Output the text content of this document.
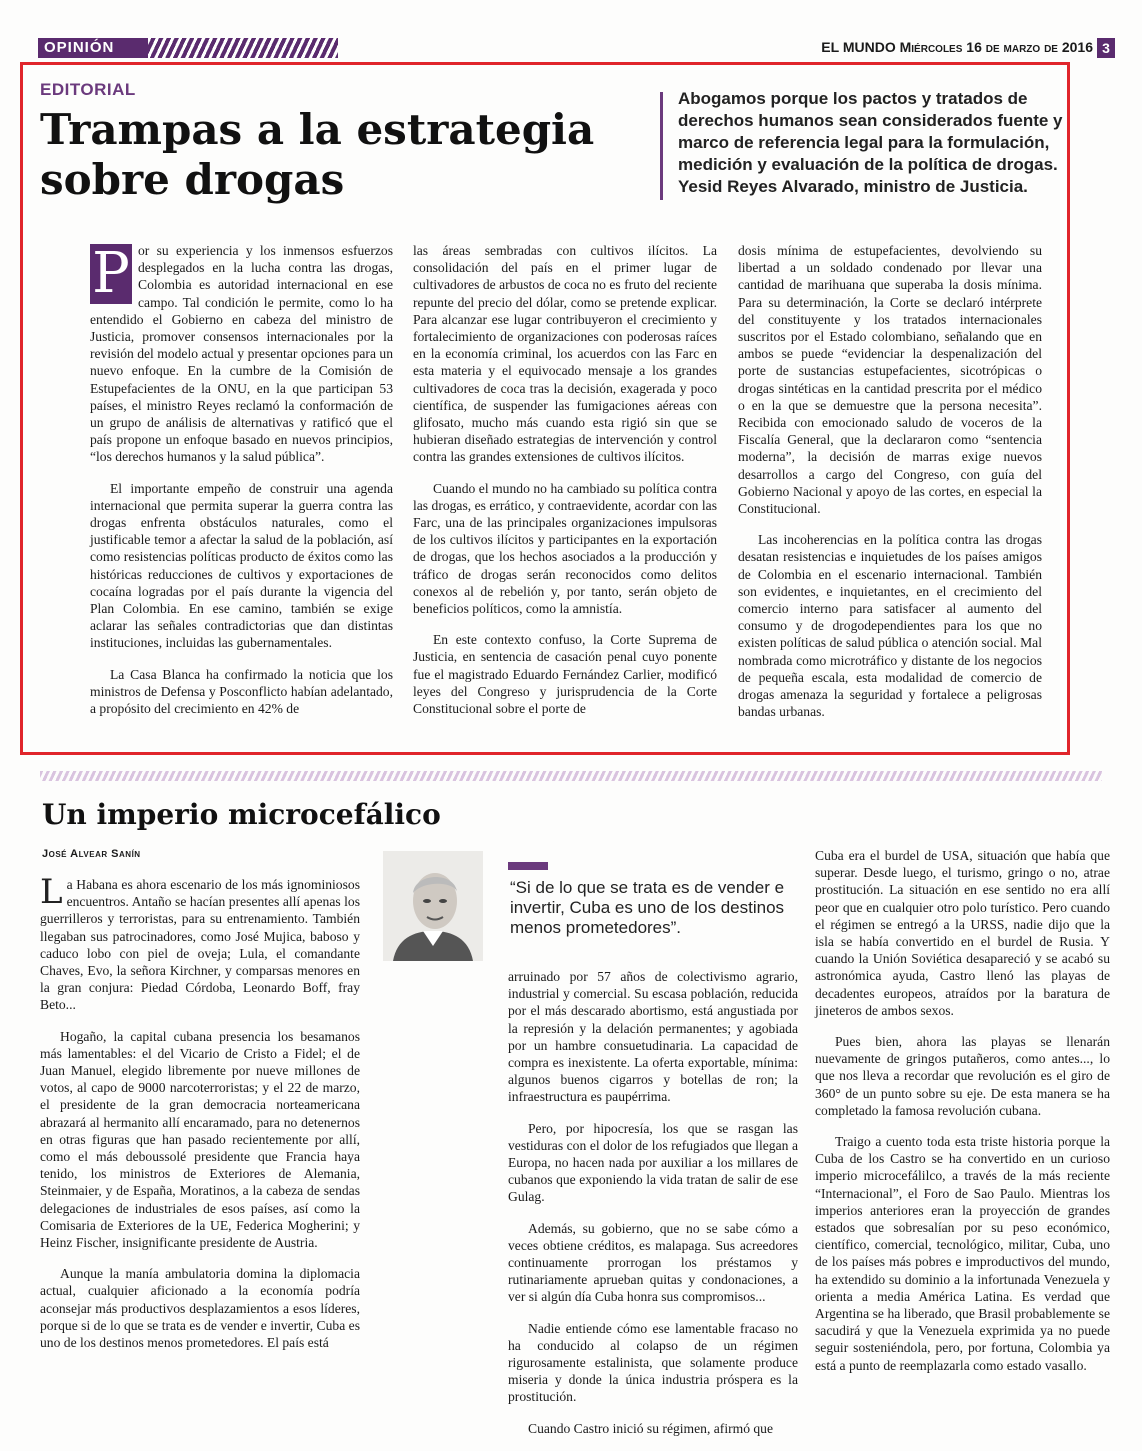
OPINIÓN	EL MUNDO Miércoles 16 de marzo de 2016 3
EDITORIAL
Trampas a la estrategia sobre drogas
Abogamos porque los pactos y tratados de derechos humanos sean considerados fuente y marco de referencia legal para la formulación, medición y evaluación de la política de drogas. Yesid Reyes Alvarado, ministro de Justicia.

P or su experiencia y los inmensos esfuerzos desplegados en la lucha contra las drogas, Colombia es autoridad internacional en ese campo. Tal condición le permite, como lo ha entendido el Gobierno en cabeza del ministro de Justicia, promover consensos internacionales por la revisión del modelo actual y presentar opciones para un nuevo enfoque. En la cumbre de la Comisión de Estupefacientes de la ONU, en la que participan 53 países, el ministro Reyes reclamó la conformación de un grupo de análisis de alternativas y ratificó que el país propone un enfoque basado en nuevos principios, “los derechos humanos y la salud pública”.

El importante empeño de construir una agenda internacional que permita superar la guerra contra las drogas enfrenta obstáculos naturales, como el justificable temor a afectar la salud de la población, así como resistencias políticas producto de éxitos como las históricas reducciones de cultivos y exportaciones de cocaína logradas por el país durante la vigencia del Plan Colombia. En ese camino, también se exige aclarar las señales contradictorias que dan distintas instituciones, incluidas las gubernamentales.

La Casa Blanca ha confirmado la noticia que los ministros de Defensa y Posconflicto habían adelantado, a propósito del crecimiento en 42% de

las áreas sembradas con cultivos ilícitos. La consolidación del país en el primer lugar de cultivadores de arbustos de coca no es fruto del reciente repunte del precio del dólar, como se pretende explicar. Para alcanzar ese lugar contribuyeron el crecimiento y fortalecimiento de organizaciones con poderosas raíces en la economía criminal, los acuerdos con las Farc en esta materia y el equivocado mensaje a los grandes cultivadores de coca tras la decisión, exagerada y poco científica, de suspender las fumigaciones aéreas con glifosato, mucho más cuando esta rigió sin que se hubieran diseñado estrategias de intervención y control contra las grandes extensiones de cultivos ilícitos.

Cuando el mundo no ha cambiado su política contra las drogas, es errático, y contraevidente, acordar con las Farc, una de las principales organizaciones impulsoras de los cultivos ilícitos y participantes en la exportación de drogas, que los hechos asociados a la producción y tráfico de drogas serán reconocidos como delitos conexos al de rebelión y, por tanto, serán objeto de beneficios políticos, como la amnistía.

En este contexto confuso, la Corte Suprema de Justicia, en sentencia de casación penal cuyo ponente fue el magistrado Eduardo Fernández Carlier, modificó leyes del Congreso y jurisprudencia de la Corte Constitucional sobre el porte de

dosis mínima de estupefacientes, devolviendo su libertad a un soldado condenado por llevar una cantidad de marihuana que superaba la dosis mínima. Para su determinación, la Corte se declaró intérprete del constituyente y los tratados internacionales suscritos por el Estado colombiano, señalando que en ambos se puede “evidenciar la despenalización del porte de sustancias estupefacientes, sicotrópicas o drogas sintéticas en la cantidad prescrita por el médico o en la que se demuestre que la persona necesita”. Recibida con emocionado saludo de voceros de la Fiscalía General, que la declararon como “sentencia moderna”, la decisión de marras exige nuevos desarrollos a cargo del Congreso, con guía del Gobierno Nacional y apoyo de las cortes, en especial la Constitucional.

Las incoherencias en la política contra las drogas desatan resistencias e inquietudes de los países amigos de Colombia en el escenario internacional. También son evidentes, e inquietantes, en el crecimiento del comercio interno para satisfacer al aumento del consumo y de drogodependientes para los que no existen políticas de salud pública o atención social. Mal nombrada como microtráfico y distante de los negocios de pequeña escala, esta modalidad de comercio de drogas amenaza la seguridad y fortalece a peligrosas bandas urbanas.

Un imperio microcefálico
José Alvear Sanín
“Si de lo que se trata es de vender e invertir, Cuba es uno de los destinos menos prometedores”.

La Habana es ahora escenario de los más ignominiosos encuentros. Antaño se hacían presentes allí apenas los guerrilleros y terroristas, para su entrenamiento. También llegaban sus patrocinadores, como José Mujica, baboso y caduco lobo con piel de oveja; Lula, el comandante Chaves, Evo, la señora Kirchner, y comparsas menores en la gran conjura: Piedad Córdoba, Leonardo Boff, fray Beto...

Hogaño, la capital cubana presencia los besamanos más lamentables: el del Vicario de Cristo a Fidel; el de Juan Manuel, elegido libremente por nueve millones de votos, al capo de 9000 narcoterroristas; y el 22 de marzo, el presidente de la gran democracia norteamericana abrazará al hermanito allí encaramado, para no detenernos en otras figuras que han pasado recientemente por allí, como el más deboussolé presidente que Francia haya tenido, los ministros de Exteriores de Alemania, Steinmaier, y de España, Moratinos, a la cabeza de sendas delegaciones de industriales de esos países, así como la Comisaria de Exteriores de la UE, Federica Mogherini; y Heinz Fischer, insignificante presidente de Austria.

Aunque la manía ambulatoria domina la diplomacia actual, cualquier aficionado a la economía podría aconsejar más productivos desplazamientos a esos líderes, porque si de lo que se trata es de vender e invertir, Cuba es uno de los destinos menos prometedores. El país está

arruinado por 57 años de colectivismo agrario, industrial y comercial. Su escasa población, reducida por el más descarado abortismo, está angustiada por la represión y la delación permanentes; y agobiada por un hambre consuetudinaria. La capacidad de compra es inexistente. La oferta exportable, mínima: algunos buenos cigarros y botellas de ron; la infraestructura es paupérrima.

Pero, por hipocresía, los que se rasgan las vestiduras con el dolor de los refugiados que llegan a Europa, no hacen nada por auxiliar a los millares de cubanos que exponiendo la vida tratan de salir de ese Gulag.

Además, su gobierno, que no se sabe cómo a veces obtiene créditos, es malapaga. Sus acreedores continuamente prorrogan los préstamos y rutinariamente aprueban quitas y condonaciones, a ver si algún día Cuba honra sus compromisos...

Nadie entiende cómo ese lamentable fracaso no ha conducido al colapso de un régimen rigurosamente estalinista, que solamente produce miseria y donde la única industria próspera es la prostitución.

Cuando Castro inició su régimen, afirmó que

Cuba era el burdel de USA, situación que había que superar. Desde luego, el turismo, gringo o no, atrae prostitución. La situación en ese sentido no era allí peor que en cualquier otro polo turístico. Pero cuando el régimen se entregó a la URSS, nadie dijo que la isla se había convertido en el burdel de Rusia. Y cuando la Unión Soviética desapareció y se acabó su astronómica ayuda, Castro llenó las playas de decadentes europeos, atraídos por la baratura de jineteros de ambos sexos.

Pues bien, ahora las playas se llenarán nuevamente de gringos putañeros, como antes..., lo que nos lleva a recordar que revolución es el giro de 360° de un punto sobre su eje. De esta manera se ha completado la famosa revolución cubana.

Traigo a cuento toda esta triste historia porque la Cuba de los Castro se ha convertido en un curioso imperio microcefálilco, a través de la más reciente “Internacional”, el Foro de Sao Paulo. Mientras los imperios anteriores eran la proyección de grandes estados que sobresalían por su peso económico, científico, comercial, tecnológico, militar, Cuba, uno de los países más pobres e improductivos del mundo, ha extendido su dominio a la infortunada Venezuela y orienta a media América Latina. Es verdad que Argentina se ha liberado, que Brasil probablemente se sacudirá y que la Venezuela exprimida ya no puede seguir sosteniéndola, pero, por fortuna, Colombia ya está a punto de reemplazarla como estado vasallo.
